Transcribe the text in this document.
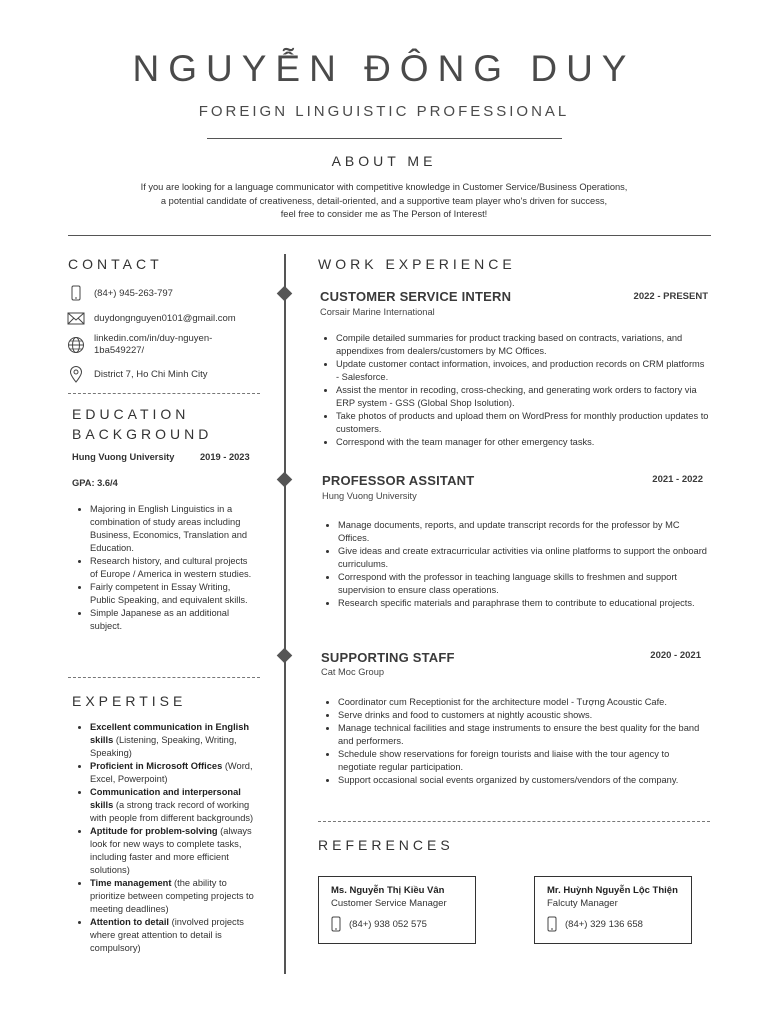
NGUYỄN ĐÔNG DUY
FOREIGN LINGUISTIC PROFESSIONAL
ABOUT ME
If you are looking for a language communicator with competitive knowledge in Customer Service/Business Operations,
a potential candidate of creativeness, detail-oriented, and a supportive team player who's driven for success,
feel free to consider me as The Person of Interest!
CONTACT
(84+) 945-263-797
duydongnguyen0101@gmail.com
linkedin.com/in/duy-nguyen-
1ba549227/
District 7, Ho Chi Minh City
EDUCATION
BACKGROUND
Hung Vuong University	2019 - 2023
GPA: 3.6/4
• Majoring in English Linguistics in a combination of study areas including Business, Economics, Translation and Education.
• Research history, and cultural projects of Europe / America in western studies.
• Fairly competent in Essay Writing, Public Speaking, and equivalent skills.
• Simple Japanese as an additional subject.
EXPERTISE
• Excellent communication in English skills (Listening, Speaking, Writing, Speaking)
• Proficient in Microsoft Offices (Word, Excel, Powerpoint)
• Communication and interpersonal skills (a strong track record of working with people from different backgrounds)
• Aptitude for problem-solving (always look for new ways to complete tasks, including faster and more efficient solutions)
• Time management (the ability to prioritize between competing projects to meeting deadlines)
• Attention to detail (involved projects where great attention to detail is compulsory)
WORK EXPERIENCE
CUSTOMER SERVICE INTERN	2022 - PRESENT
Corsair Marine International
• Compile detailed summaries for product tracking based on contracts, variations, and appendixes from dealers/customers by MC Offices.
• Update customer contact information, invoices, and production records on CRM platforms - Salesforce.
• Assist the mentor in recoding, cross-checking, and generating work orders to factory via ERP system - GSS (Global Shop Isolution).
• Take photos of products and upload them on WordPress for monthly production updates to customers.
• Correspond with the team manager for other emergency tasks.
PROFESSOR ASSITANT	2021 - 2022
Hung Vuong University
• Manage documents, reports, and update transcript records for the professor by MC Offices.
• Give ideas and create extracurricular activities via online platforms to support the onboard curriculums.
• Correspond with the professor in teaching language skills to freshmen and support supervision to ensure class operations.
• Research specific materials and paraphrase them to contribute to educational projects.
SUPPORTING STAFF	2020 - 2021
Cat Moc Group
• Coordinator cum Receptionist for the architecture model - Tượng Acoustic Cafe.
• Serve drinks and food to customers at nightly acoustic shows.
• Manage technical facilities and stage instruments to ensure the best quality for the band and performers.
• Schedule show reservations for foreign tourists and liaise with the tour agency to negotiate regular participation.
• Support occasional social events organized by customers/vendors of the company.
REFERENCES
Ms. Nguyễn Thị Kiều Vân
Customer Service Manager
(84+) 938 052 575
Mr. Huỳnh Nguyễn Lộc Thiện
Falcuty Manager
(84+) 329 136 658
